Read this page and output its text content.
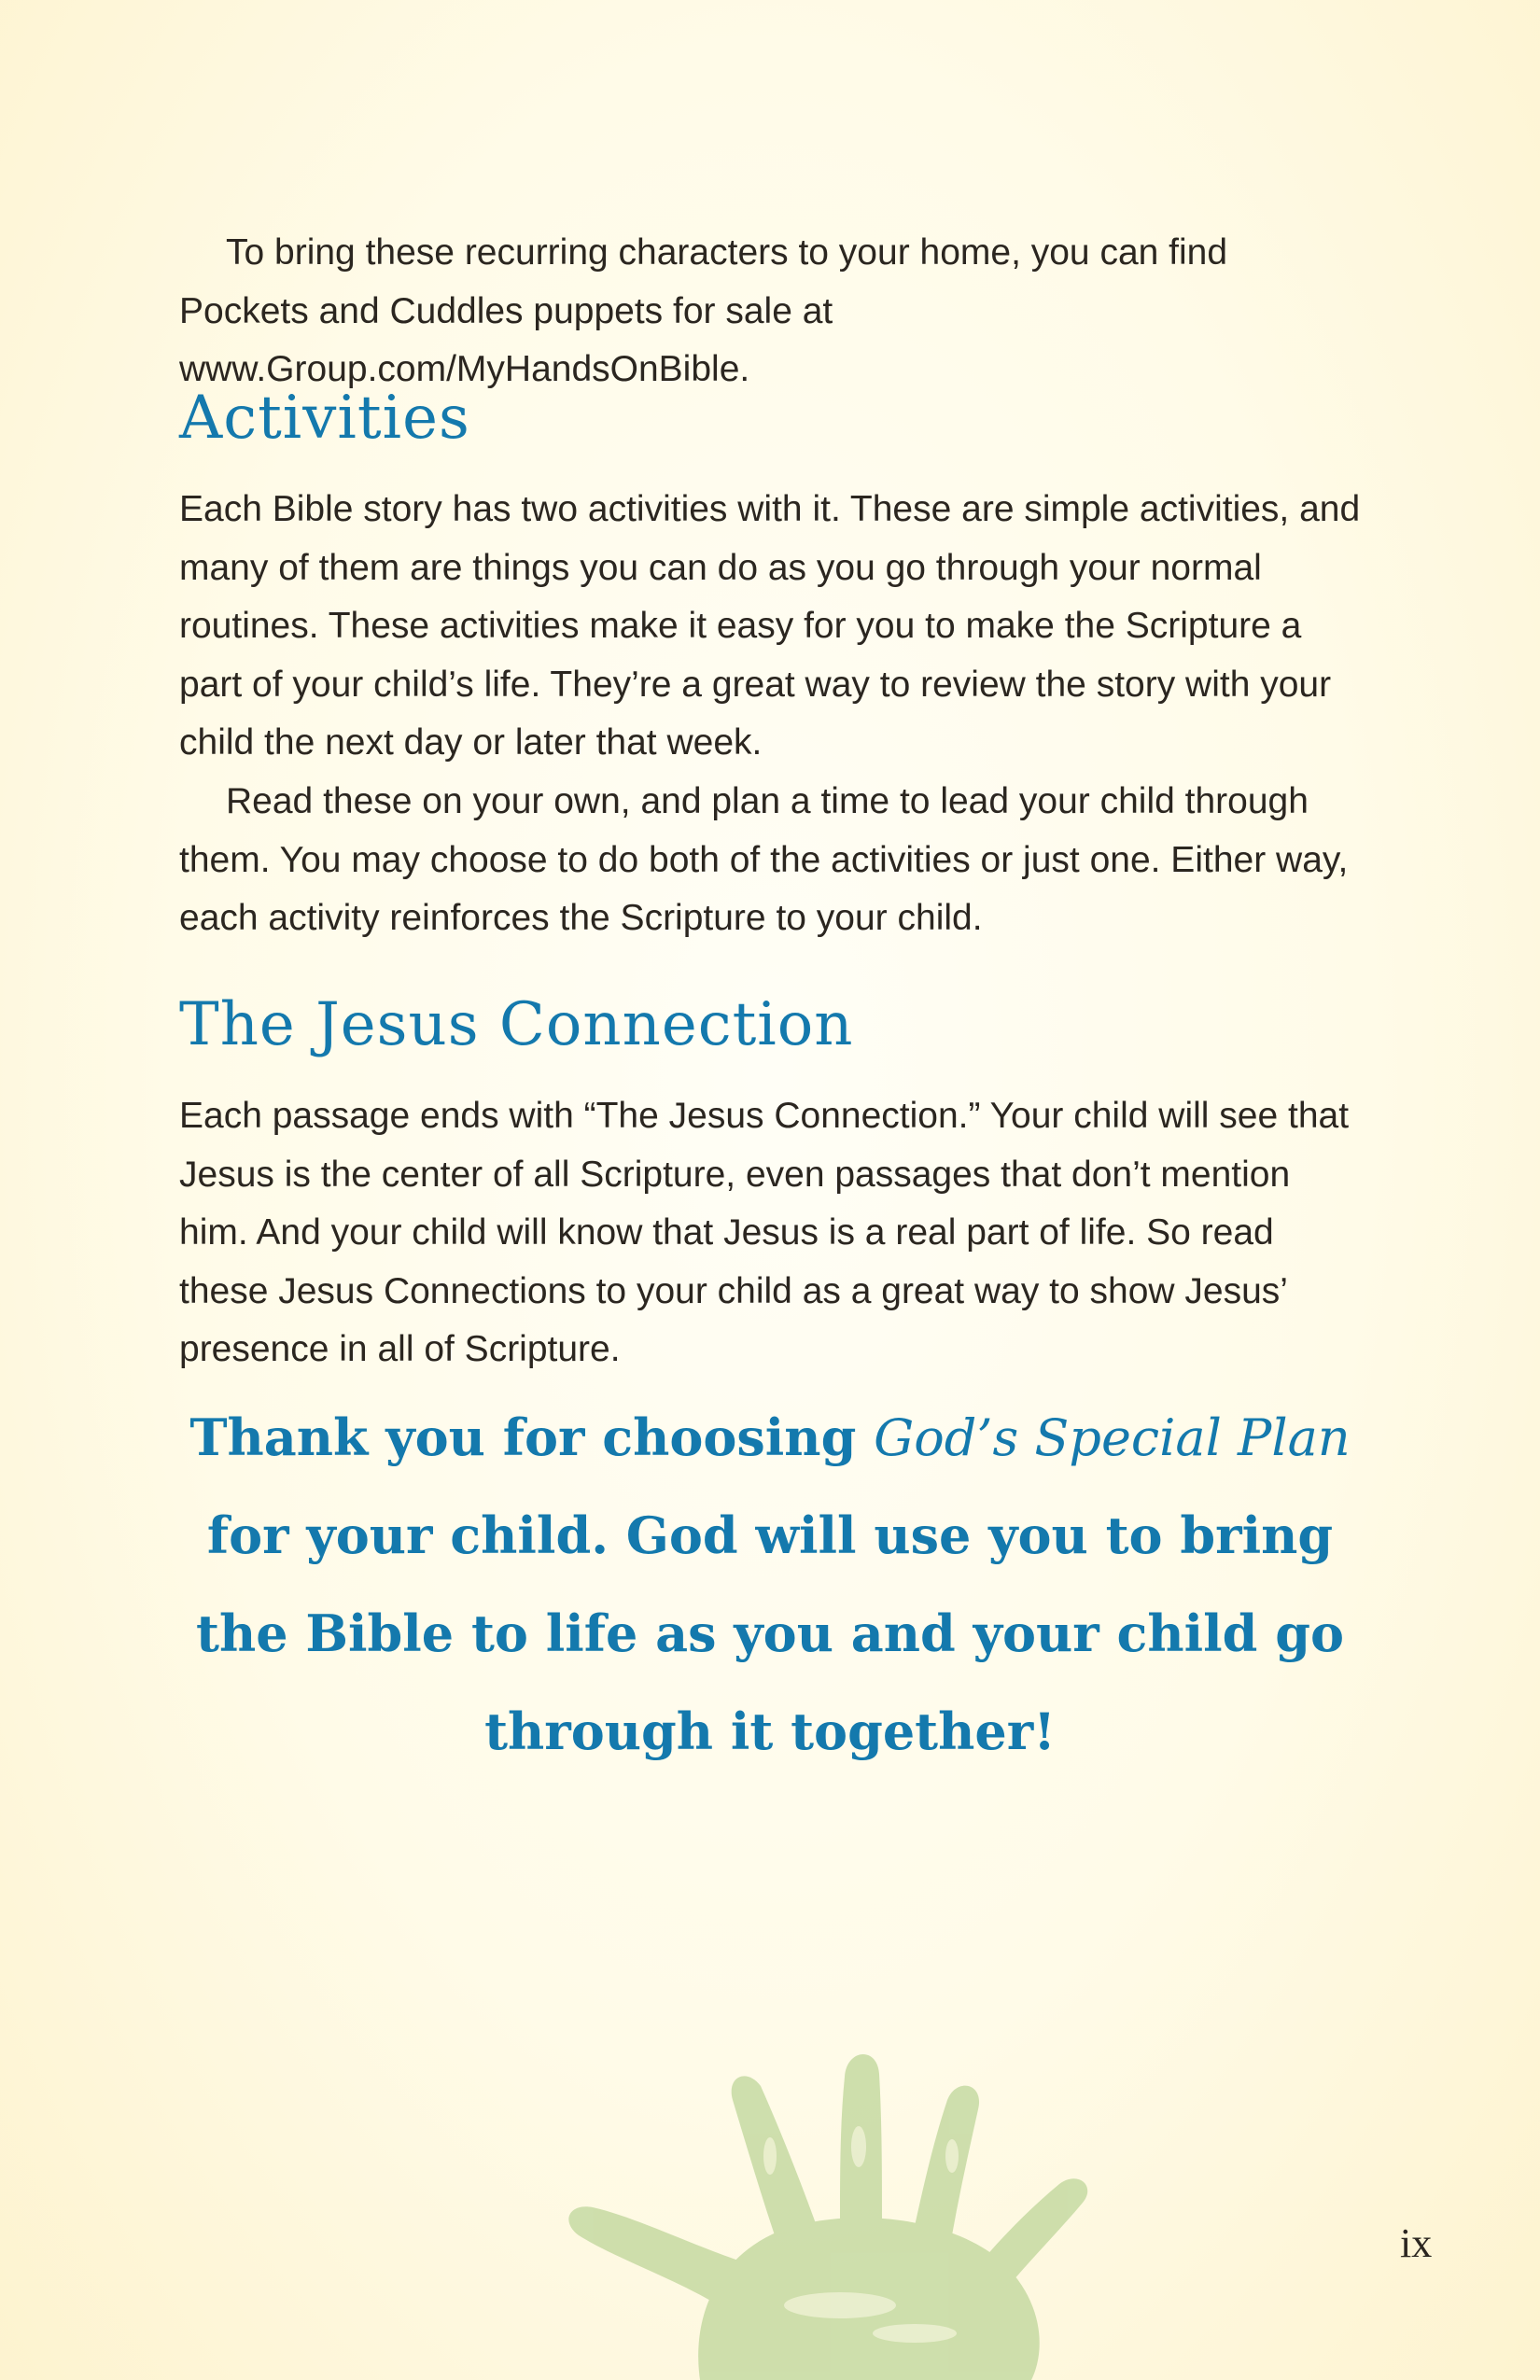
To bring these recurring characters to your home, you can find Pockets and Cuddles puppets for sale at www.Group.com/MyHandsOnBible.

Activities

Each Bible story has two activities with it. These are simple activities, and many of them are things you can do as you go through your normal routines. These activities make it easy for you to make the Scripture a part of your child’s life. They’re a great way to review the story with your child the next day or later that week.

Read these on your own, and plan a time to lead your child through them. You may choose to do both of the activities or just one. Either way, each activity reinforces the Scripture to your child.

The Jesus Connection

Each passage ends with “The Jesus Connection.” Your child will see that Jesus is the center of all Scripture, even passages that don’t mention him. And your child will know that Jesus is a real part of life. So read these Jesus Connections to your child as a great way to show Jesus’ presence in all of Scripture.

Thank you for choosing God’s Special Plan for your child. God will use you to bring the Bible to life as you and your child go through it together!

ix
